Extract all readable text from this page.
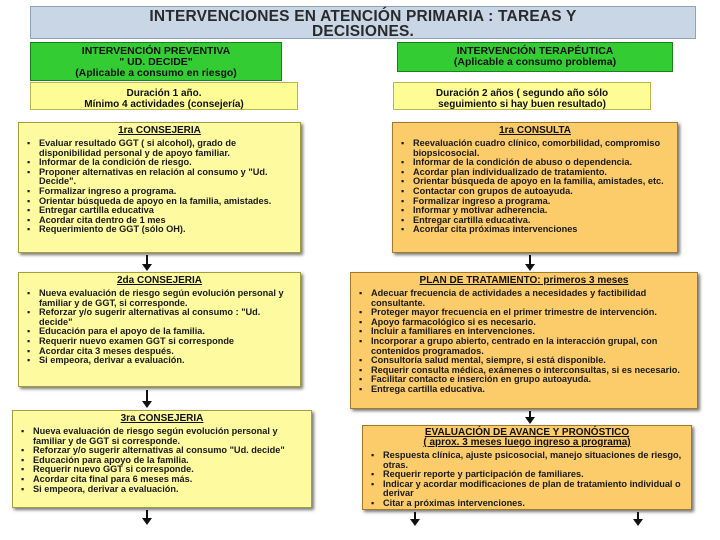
INTERVENCIONES EN ATENCIÓN PRIMARIA : TAREAS Y
DECISIONES.
INTERVENCIÓN PREVENTIVA
" UD. DECIDE"
(Aplicable a consumo en riesgo)
Duración 1 año.
Mínimo 4 actividades (consejería)
INTERVENCIÓN TERAPÉUTICA
(Aplicable a consumo problema)
Duración 2 años ( segundo año sólo
seguimiento si hay buen resultado)
1ra CONSEJERIA
▪ Evaluar resultado GGT ( si alcohol), grado de disponibilidad personal y de apoyo familiar.
▪ Informar de la condición de riesgo.
▪ Proponer alternativas en relación al consumo y "Ud. Decide".
▪ Formalizar ingreso a programa.
▪ Orientar búsqueda de apoyo en la familia, amistades.
▪ Entregar cartilla educativa
▪ Acordar cita dentro de 1 mes
▪ Requerimiento de GGT (sólo OH).
2da CONSEJERIA
▪ Nueva evaluación de riesgo según evolución personal y familiar y de GGT, si corresponde.
▪ Reforzar y/o sugerir alternativas al consumo : "Ud. decide"
▪ Educación para el apoyo de la familia.
▪ Requerir nuevo examen GGT si corresponde
▪ Acordar cita 3 meses después.
▪ Si empeora, derivar a evaluación.
3ra CONSEJERIA
▪ Nueva evaluación de riesgo según evolución personal y familiar y de GGT si corresponde.
▪ Reforzar y/o sugerir alternativas al consumo "Ud. decide"
▪ Educación para apoyo de la familia.
▪ Requerir nuevo GGT si corresponde.
▪ Acordar cita final para 6 meses más.
▪ Si empeora, derivar a evaluación.
1ra CONSULTA
▪ Reevaluación cuadro clínico, comorbilidad, compromiso biopsicosocial.
▪ Informar de la condición de abuso o dependencia.
▪ Acordar plan individualizado de tratamiento.
▪ Orientar búsqueda de apoyo en la familia, amistades, etc.
▪ Contactar con grupos de autoayuda.
▪ Formalizar ingreso a programa.
▪ Informar y motivar adherencia.
▪ Entregar cartilla educativa.
▪ Acordar cita próximas intervenciones
PLAN DE TRATAMIENTO: primeros 3 meses
▪ Adecuar frecuencia de actividades a necesidades y factibilidad consultante.
▪ Proteger mayor frecuencia en el primer trimestre de intervención.
▪ Apoyo farmacológico si es necesario.
▪ Incluir a familiares en intervenciones.
▪ Incorporar a grupo abierto, centrado en la interacción grupal, con contenidos programados.
▪ Consultoría salud mental, siempre, si está disponible.
▪ Requerir consulta médica, exámenes o interconsultas, si es necesario.
▪ Facilitar contacto e inserción en grupo autoayuda.
▪ Entrega cartilla educativa.
EVALUACIÓN DE AVANCE Y PRONÓSTICO
( aprox. 3 meses luego ingreso a programa)
▪ Respuesta clínica, ajuste psicosocial, manejo situaciones de riesgo, otras.
▪ Requerir reporte y participación de familiares.
▪ Indicar y acordar modificaciones de plan de tratamiento individual o derivar
▪ Citar a próximas intervenciones.
